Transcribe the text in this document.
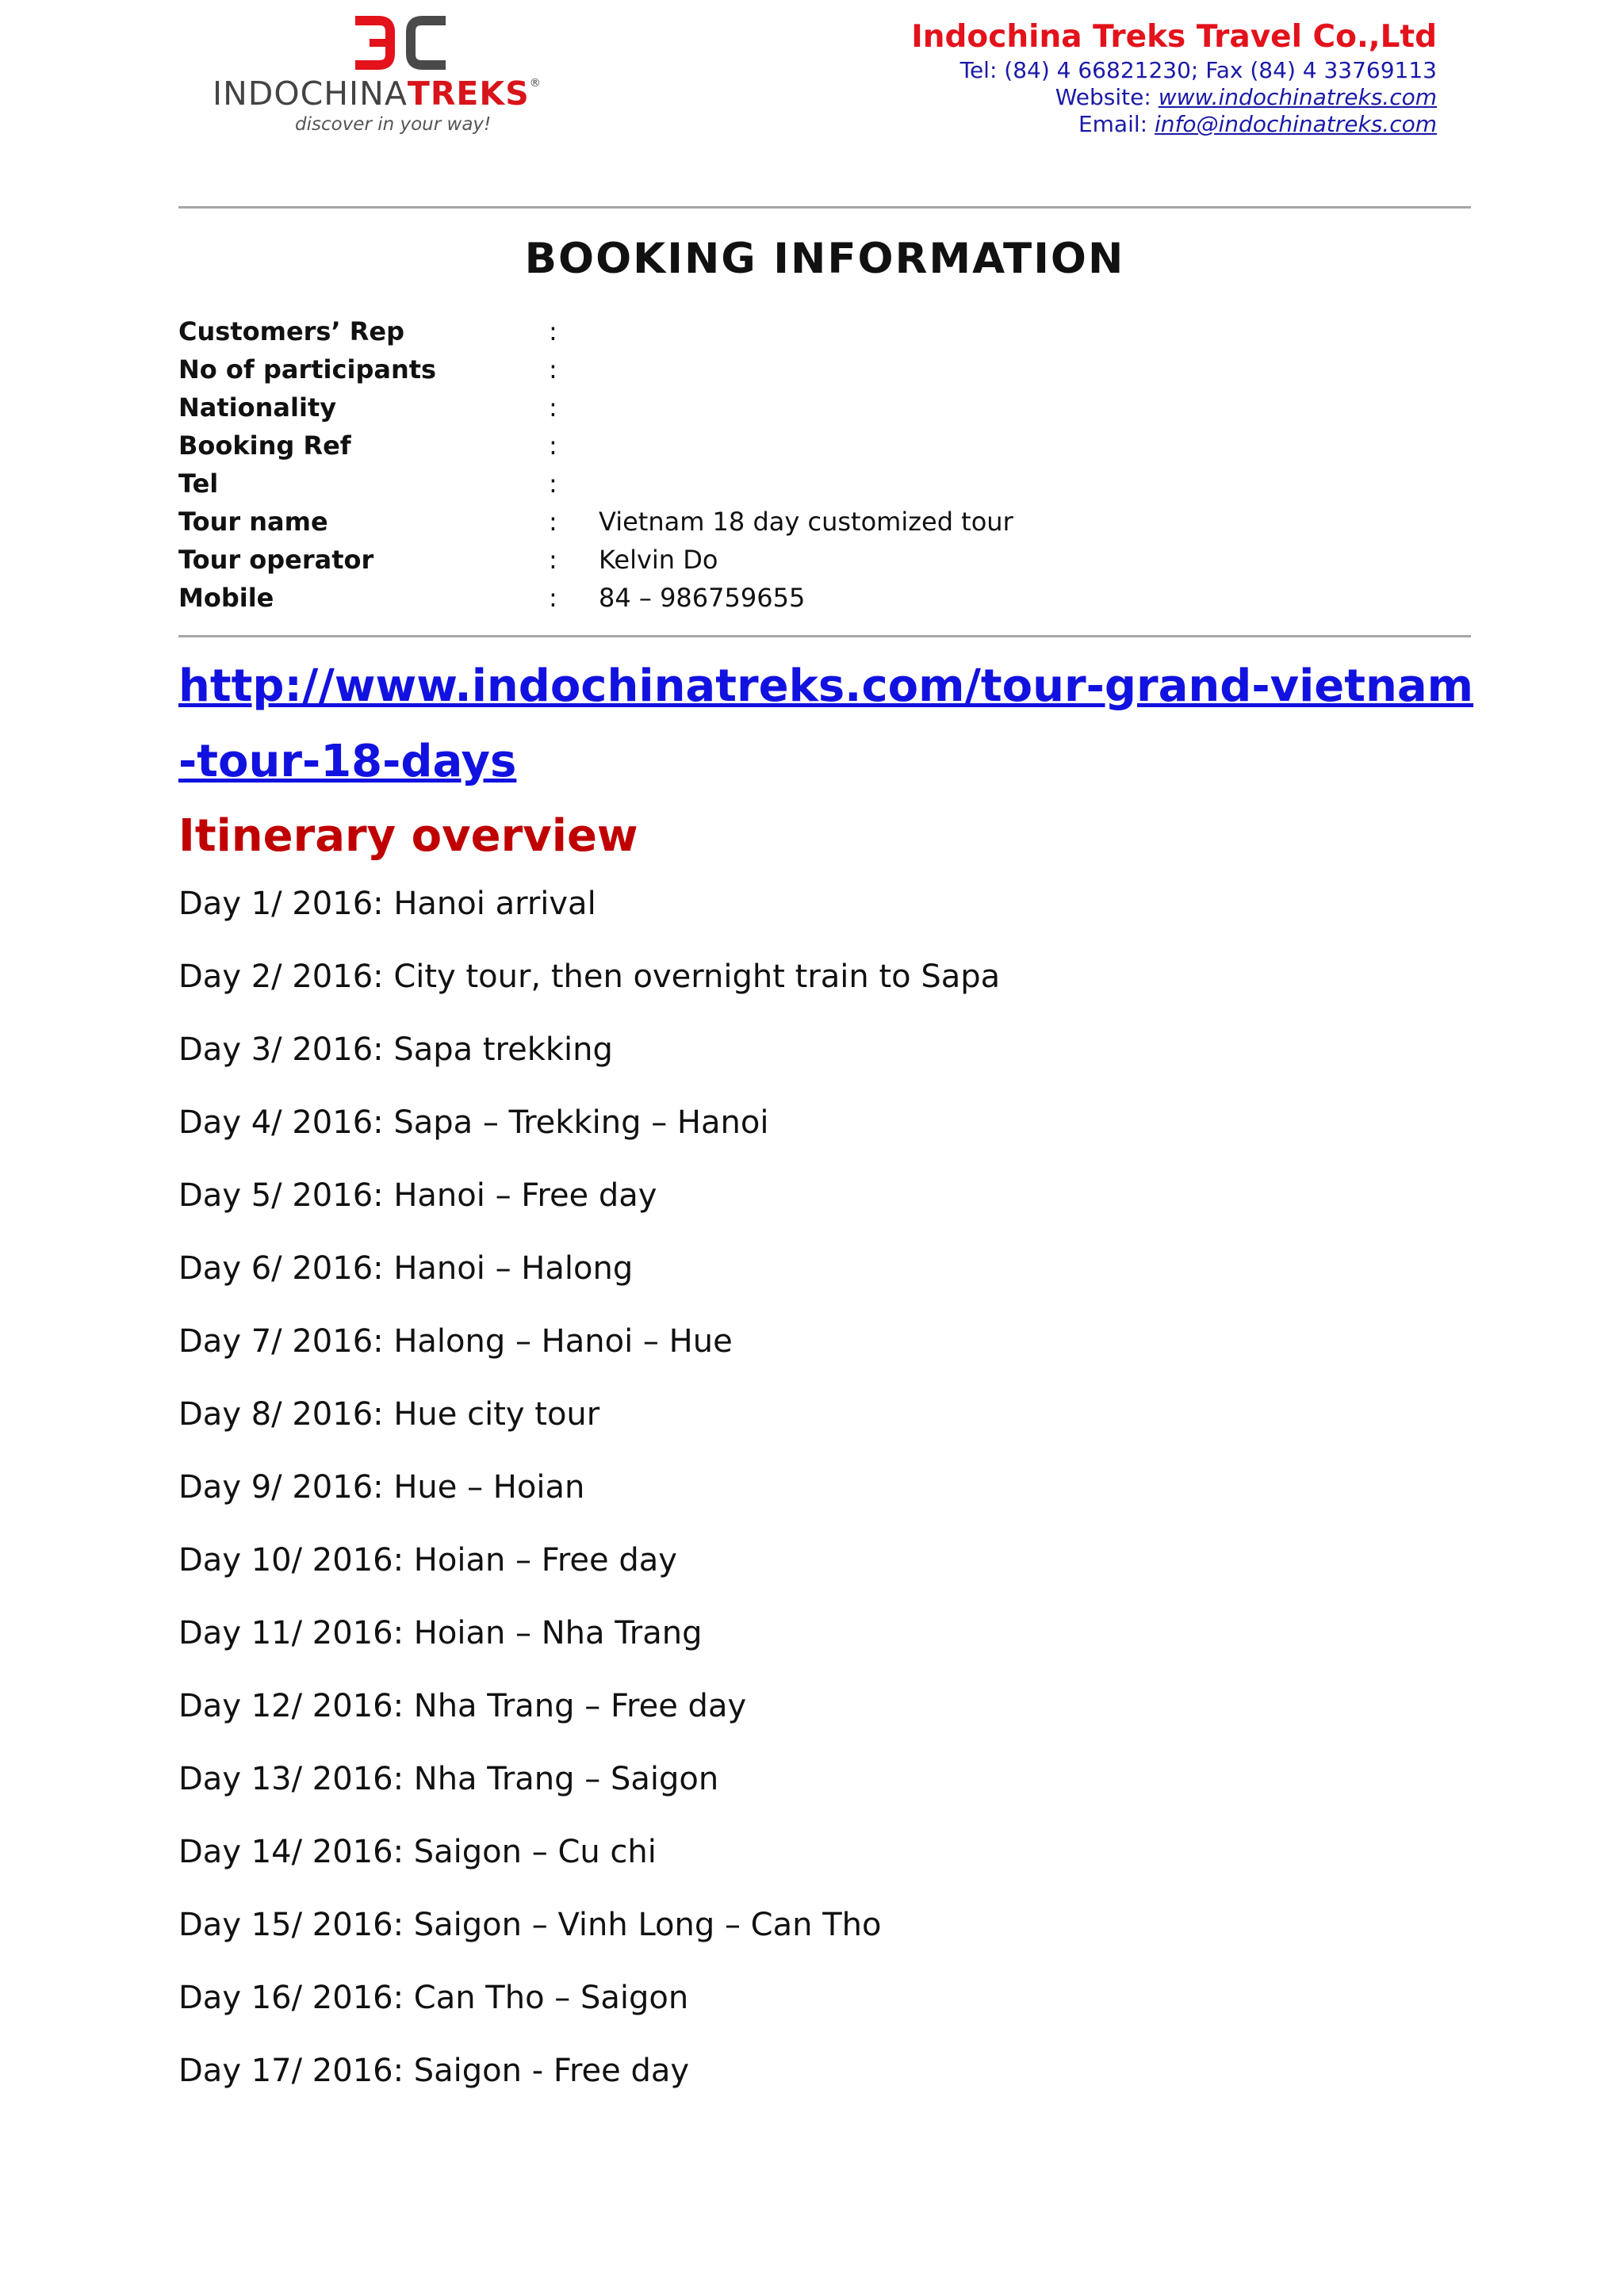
INDOCHINATREKS®
discover in your way!
Indochina Treks Travel Co.,Ltd
Tel: (84) 4 66821230; Fax (84) 4 33769113
Website: www.indochinatreks.com
Email: info@indochinatreks.com
BOOKING INFORMATION
Customers’ Rep	:
No of participants	:
Nationality	:
Booking Ref	:
Tel	:
Tour name	: Vietnam 18 day customized tour
Tour operator	: Kelvin Do
Mobile	: 84 – 986759655
http://www.indochinatreks.com/tour-grand-vietnam-tour-18-days
Itinerary overview
Day 1/ 2016: Hanoi arrival
Day 2/ 2016: City tour, then overnight train to Sapa
Day 3/ 2016: Sapa trekking
Day 4/ 2016: Sapa – Trekking – Hanoi
Day 5/ 2016: Hanoi – Free day
Day 6/ 2016: Hanoi – Halong
Day 7/ 2016: Halong – Hanoi – Hue
Day 8/ 2016: Hue city tour
Day 9/ 2016: Hue – Hoian
Day 10/ 2016: Hoian – Free day
Day 11/ 2016: Hoian – Nha Trang
Day 12/ 2016: Nha Trang – Free day
Day 13/ 2016: Nha Trang – Saigon
Day 14/ 2016: Saigon – Cu chi
Day 15/ 2016: Saigon – Vinh Long – Can Tho
Day 16/ 2016: Can Tho – Saigon
Day 17/ 2016: Saigon - Free day
